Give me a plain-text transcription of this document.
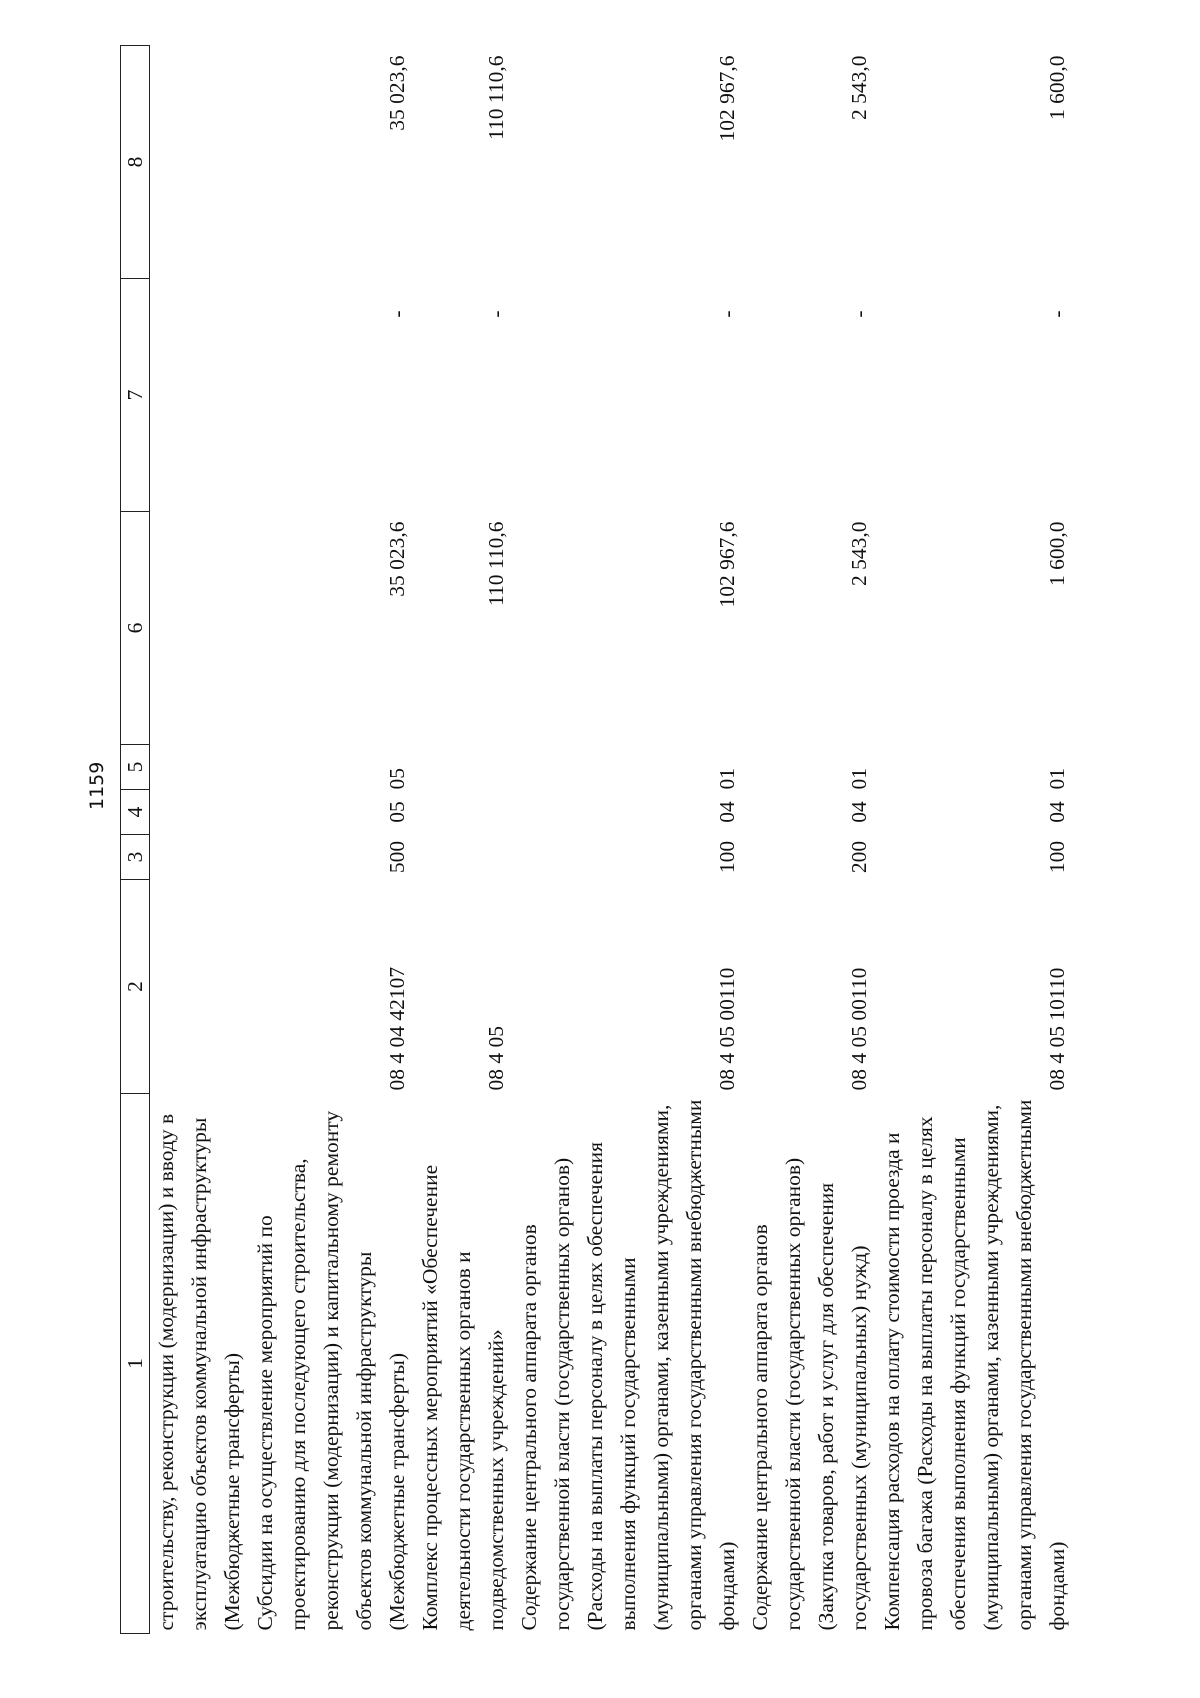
1159
1	2	3	4	5	6	7	8
строительству, реконструкции (модернизации) и вводу в эксплуатацию объектов коммунальной инфраструктуры (Межбюджетные трансферты)							
Субсидии на осуществление мероприятий по проектированию для последующего строительства, реконструкции (модернизации) и капитальному ремонту объектов коммунальной инфраструктуры (Межбюджетные трансферты)	08 4 04 42107	500	05	05	35 023,6	-	35 023,6
Комплекс процессных мероприятий «Обеспечение деятельности государственных органов и подведомственных учреждений»	08 4 05				110 110,6	-	110 110,6
Содержание центрального аппарата органов государственной власти (государственных органов) (Расходы на выплаты персоналу в целях обеспечения выполнения функций государственными (муниципальными) органами, казенными учреждениями, органами управления государственными внебюджетными фондами)	08 4 05 00110	100	04	01	102 967,6	-	102 967,6
Содержание центрального аппарата органов государственной власти (государственных органов) (Закупка товаров, работ и услуг для обеспечения государственных (муниципальных) нужд)	08 4 05 00110	200	04	01	2 543,0	-	2 543,0
Компенсация расходов на оплату стоимости проезда и провоза багажа (Расходы на выплаты персоналу в целях обеспечения выполнения функций государственными (муниципальными) органами, казенными учреждениями, органами управления государственными внебюджетными фондами)	08 4 05 10110	100	04	01	1 600,0	-	1 600,0
